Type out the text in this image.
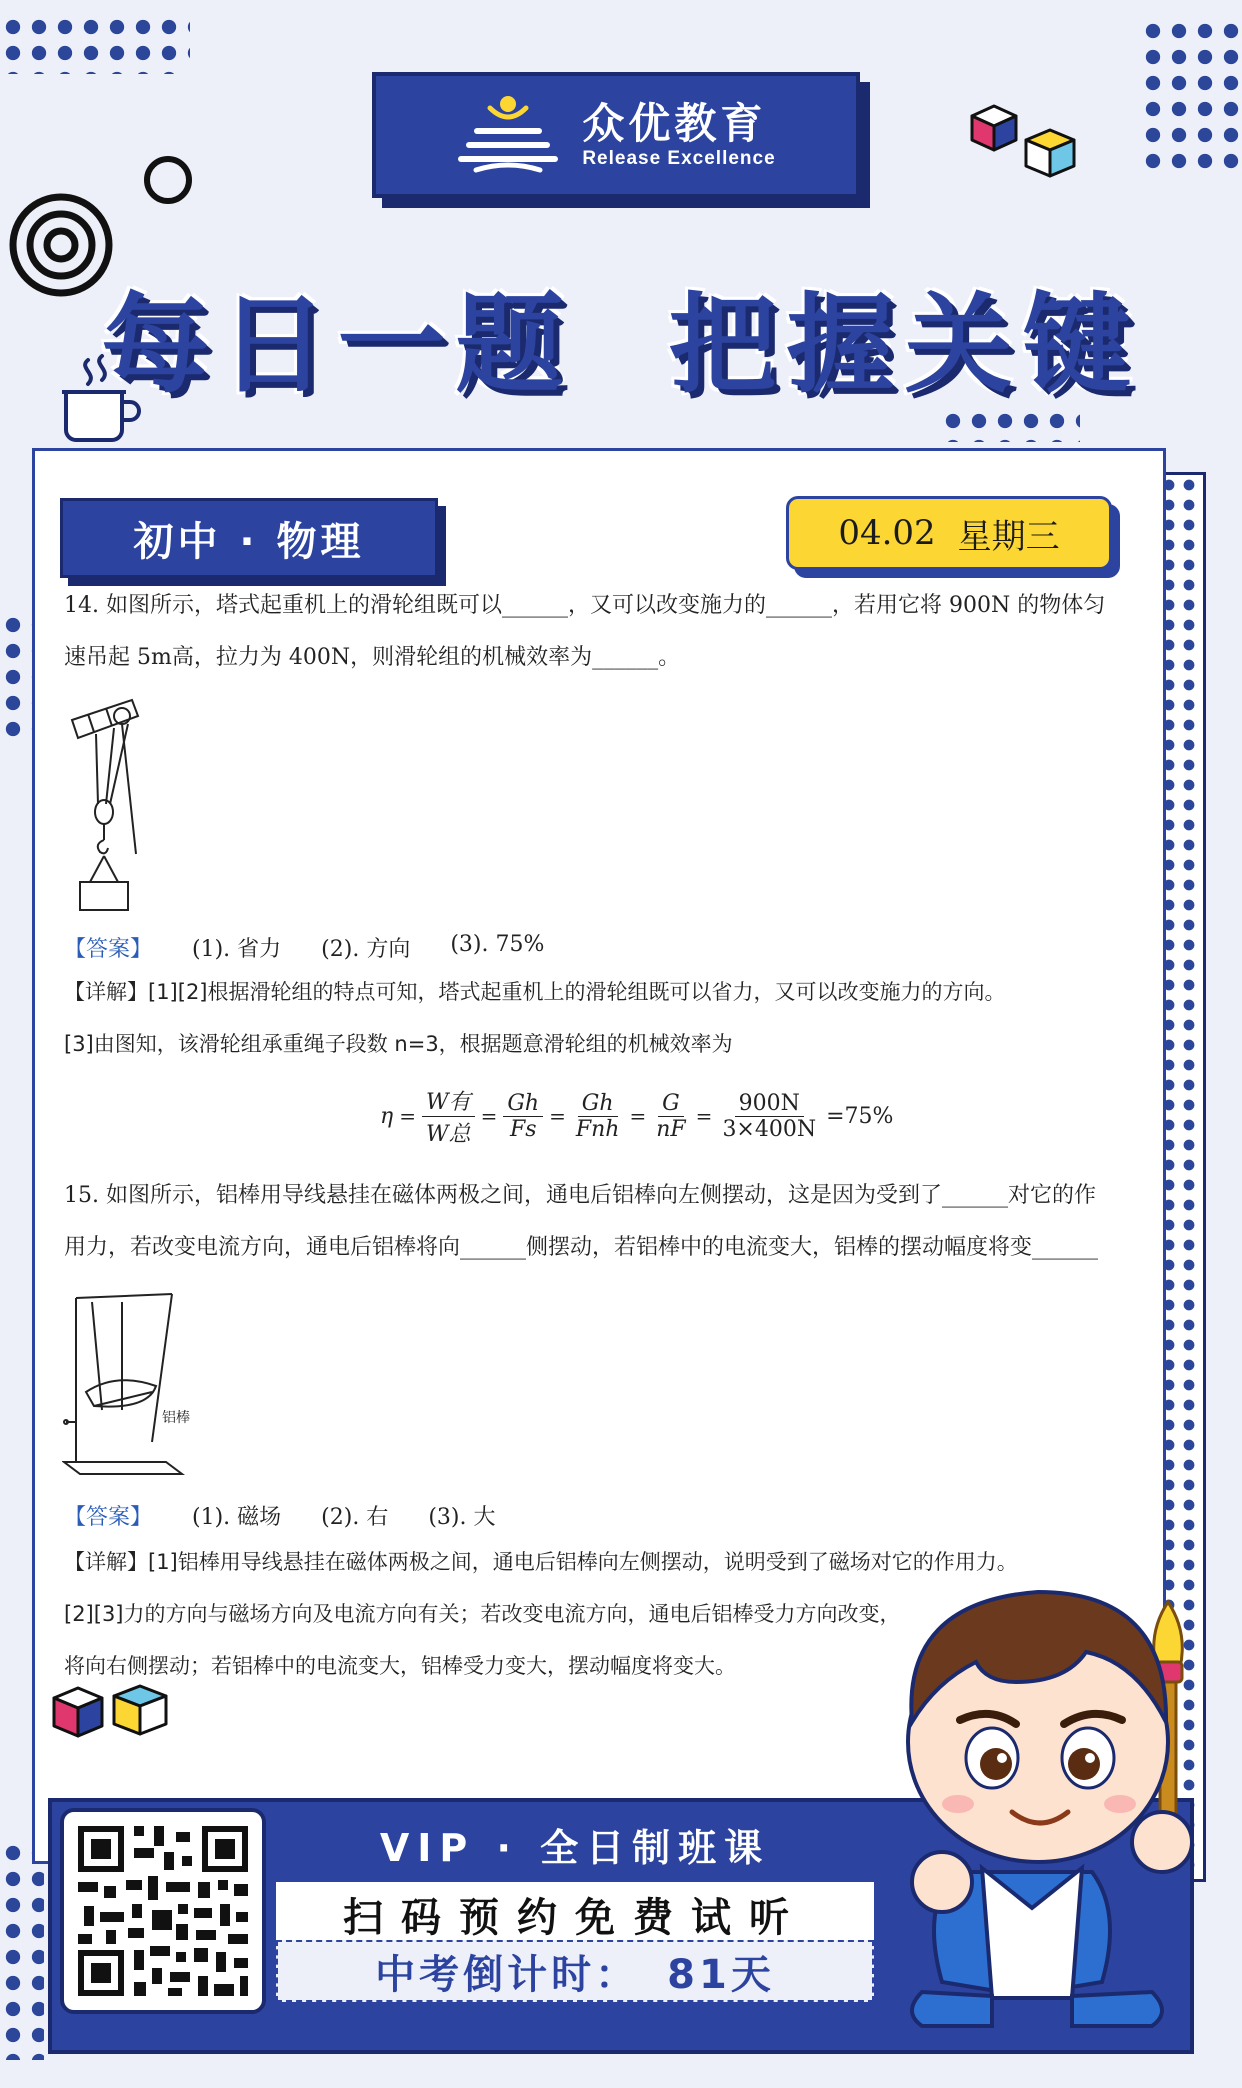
众优教育
Release Excellence
每日一题  把握关键
初中 · 物理	04.02 星期三
14. 如图所示，塔式起重机上的滑轮组既可以______，又可以改变施力的______，若用它将 900N 的物体匀
速吊起 5m高，拉力为 400N，则滑轮组的机械效率为______。
【答案】 (1). 省力 (2). 方向 (3). 75%
【详解】[1][2]根据滑轮组的特点可知，塔式起重机上的滑轮组既可以省力，又可以改变施力的方向。
[3]由图知，该滑轮组承重绳子段数 n=3，根据题意滑轮组的机械效率为
$\eta = \frac{\text{W有}}{\text{W总}} = \frac{Gh}{Fs} = \frac{Gh}{\text{Fnh}} = \frac{G}{nF} = \frac{900N}{3\times 400N} =75\%$
15. 如图所示，铝棒用导线悬挂在磁体两极之间，通电后铝棒向左侧摆动，这是因为受到了______对它的作
用力，若改变电流方向，通电后铝棒将向______侧摆动，若铝棒中的电流变大，铝棒的摆动幅度将变______
铝棒
【答案】 (1). 磁场 (2). 右 (3). 大
【详解】[1]铝棒用导线悬挂在磁体两极之间，通电后铝棒向左侧摆动，说明受到了磁场对它的作用力。
[2][3]力的方向与磁场方向及电流方向有关；若改变电流方向，通电后铝棒受力方向改变，
将向右侧摆动；若铝棒中的电流变大，铝棒受力变大，摆动幅度将变大。
VIP · 全日制班课
扫码预约免费试听
中考倒计时： 81天
